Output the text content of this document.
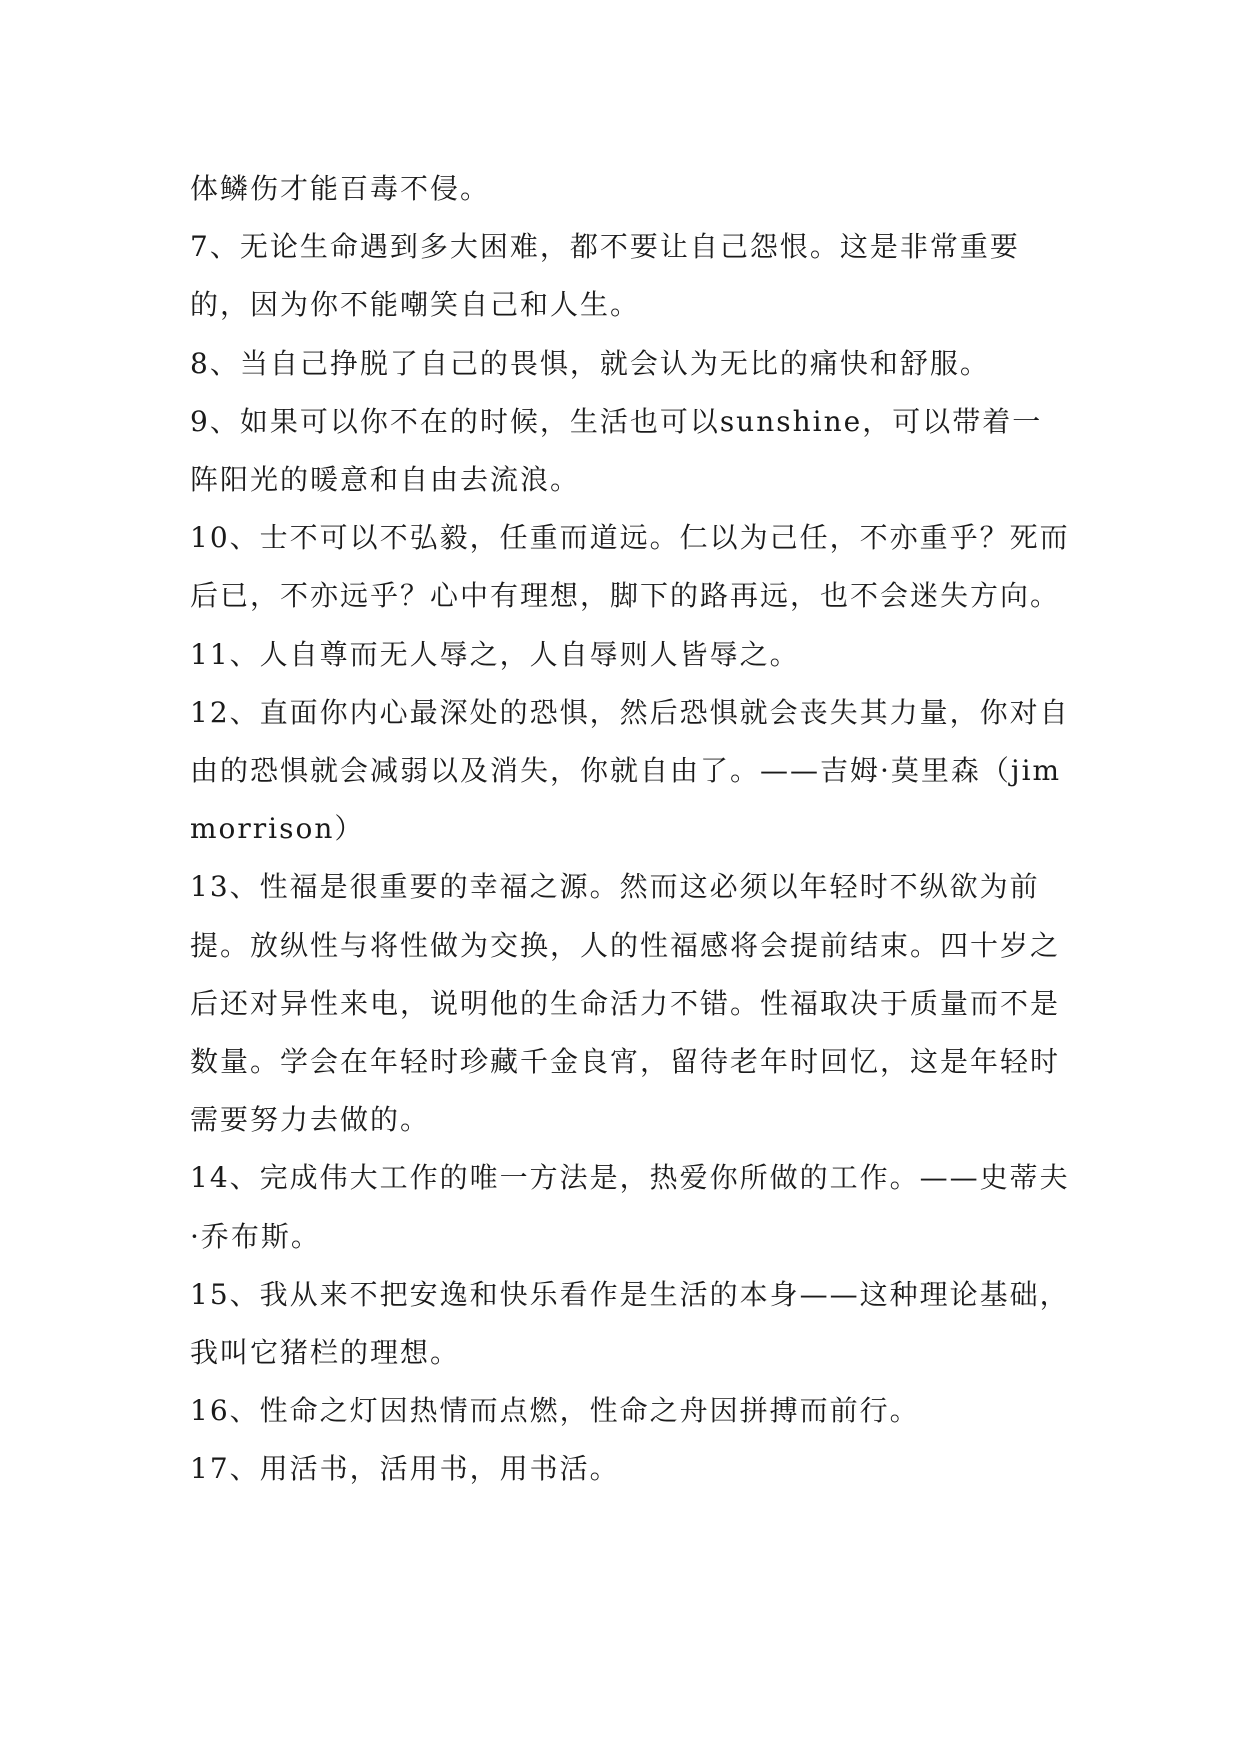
体鳞伤才能百毒不侵。

7、无论生命遇到多大困难，都不要让自己怨恨。这是非常重要的，因为你不能嘲笑自己和人生。

8、当自己挣脱了自己的畏惧，就会认为无比的痛快和舒服。

9、如果可以你不在的时候，生活也可以sunshine，可以带着一阵阳光的暖意和自由去流浪。

10、士不可以不弘毅，任重而道远。仁以为己任，不亦重乎？死而后已，不亦远乎？心中有理想，脚下的路再远，也不会迷失方向。

11、人自尊而无人辱之，人自辱则人皆辱之。

12、直面你内心最深处的恐惧，然后恐惧就会丧失其力量，你对自由的恐惧就会减弱以及消失，你就自由了。——吉姆·莫里森（jimmorrison）

13、性福是很重要的幸福之源。然而这必须以年轻时不纵欲为前提。放纵性与将性做为交换，人的性福感将会提前结束。四十岁之后还对异性来电，说明他的生命活力不错。性福取决于质量而不是数量。学会在年轻时珍藏千金良宵，留待老年时回忆，这是年轻时需要努力去做的。

14、完成伟大工作的唯一方法是，热爱你所做的工作。——史蒂夫·乔布斯。

15、我从来不把安逸和快乐看作是生活的本身——这种理论基础，我叫它猪栏的理想。

16、性命之灯因热情而点燃，性命之舟因拼搏而前行。

17、用活书，活用书，用书活。
